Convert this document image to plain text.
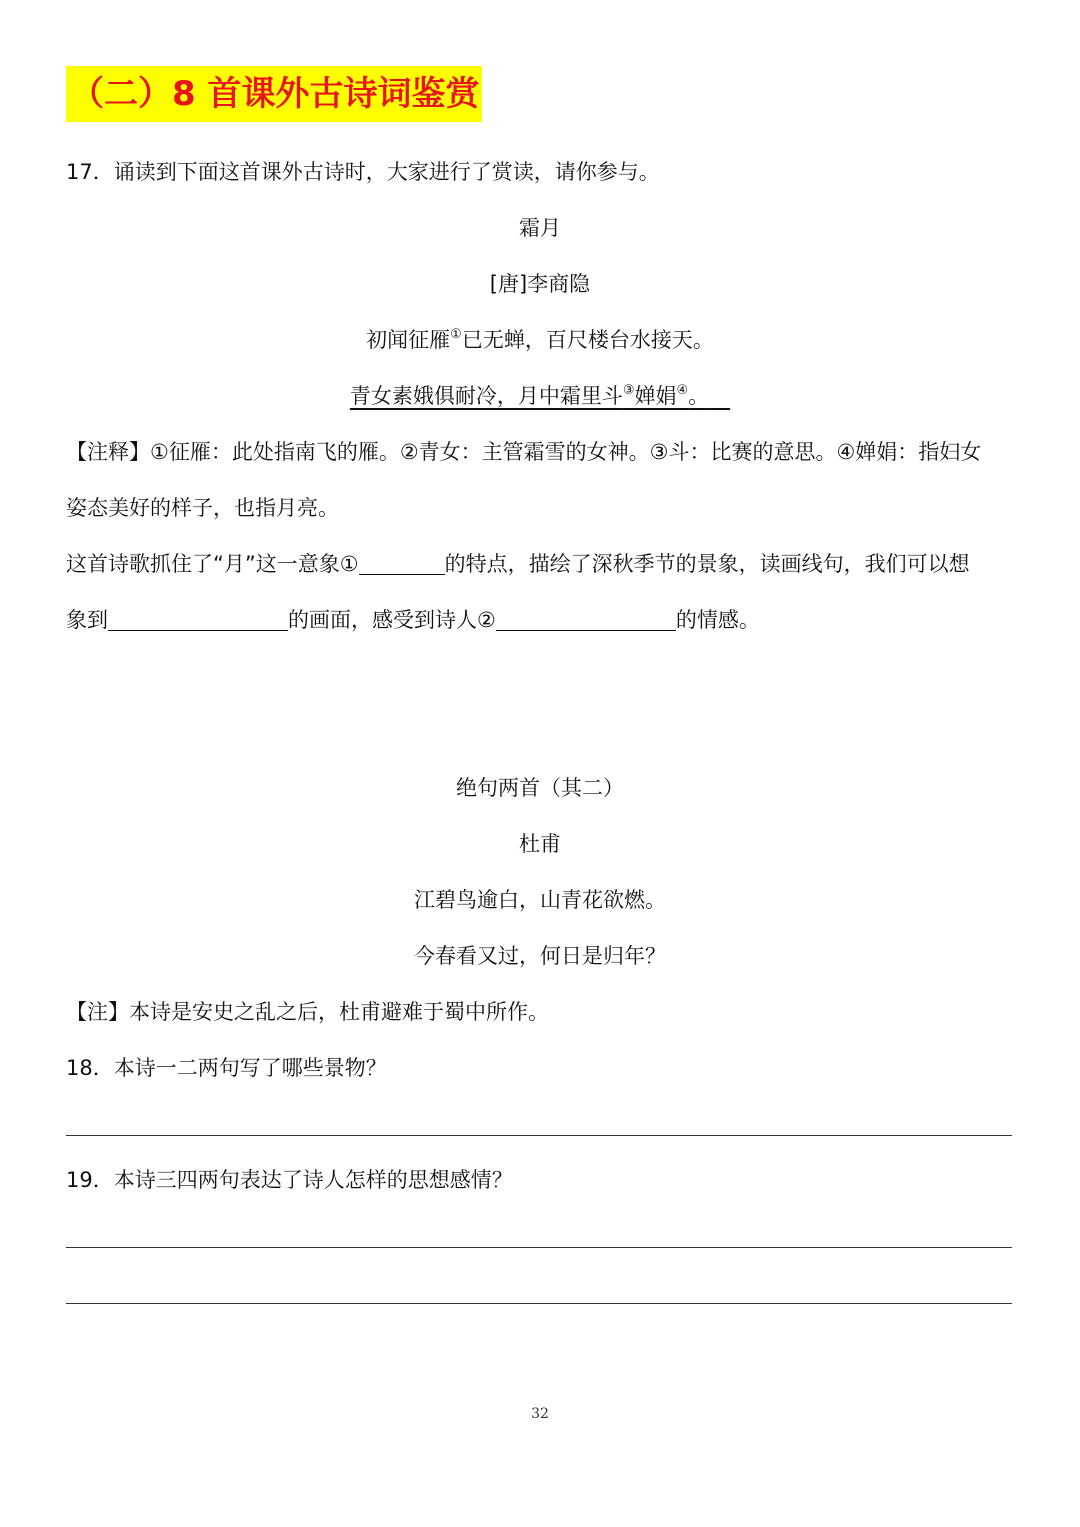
（二）8 首课外古诗词鉴赏
17．诵读到下面这首课外古诗时，大家进行了赏读，请你参与。
霜月
[唐]李商隐
初闻征雁①已无蝉，百尺楼台水接天。
青女素娥俱耐冷，月中霜里斗③婵娟④。 
【注释】①征雁：此处指南飞的雁。②青女：主管霜雪的女神。③斗：比赛的意思。④婵娟：指妇女
姿态美好的样子，也指月亮。
这首诗歌抓住了“月”这一意象①	的特点，描绘了深秋季节的景象，读画线句，我们可以想
象到	的画面，感受到诗人②	的情感。
绝句两首（其二）
杜甫
江碧鸟逾白，山青花欲燃。
今春看又过，何日是归年？
【注】本诗是安史之乱之后，杜甫避难于蜀中所作。
18．本诗一二两句写了哪些景物？
19．本诗三四两句表达了诗人怎样的思想感情？
32
